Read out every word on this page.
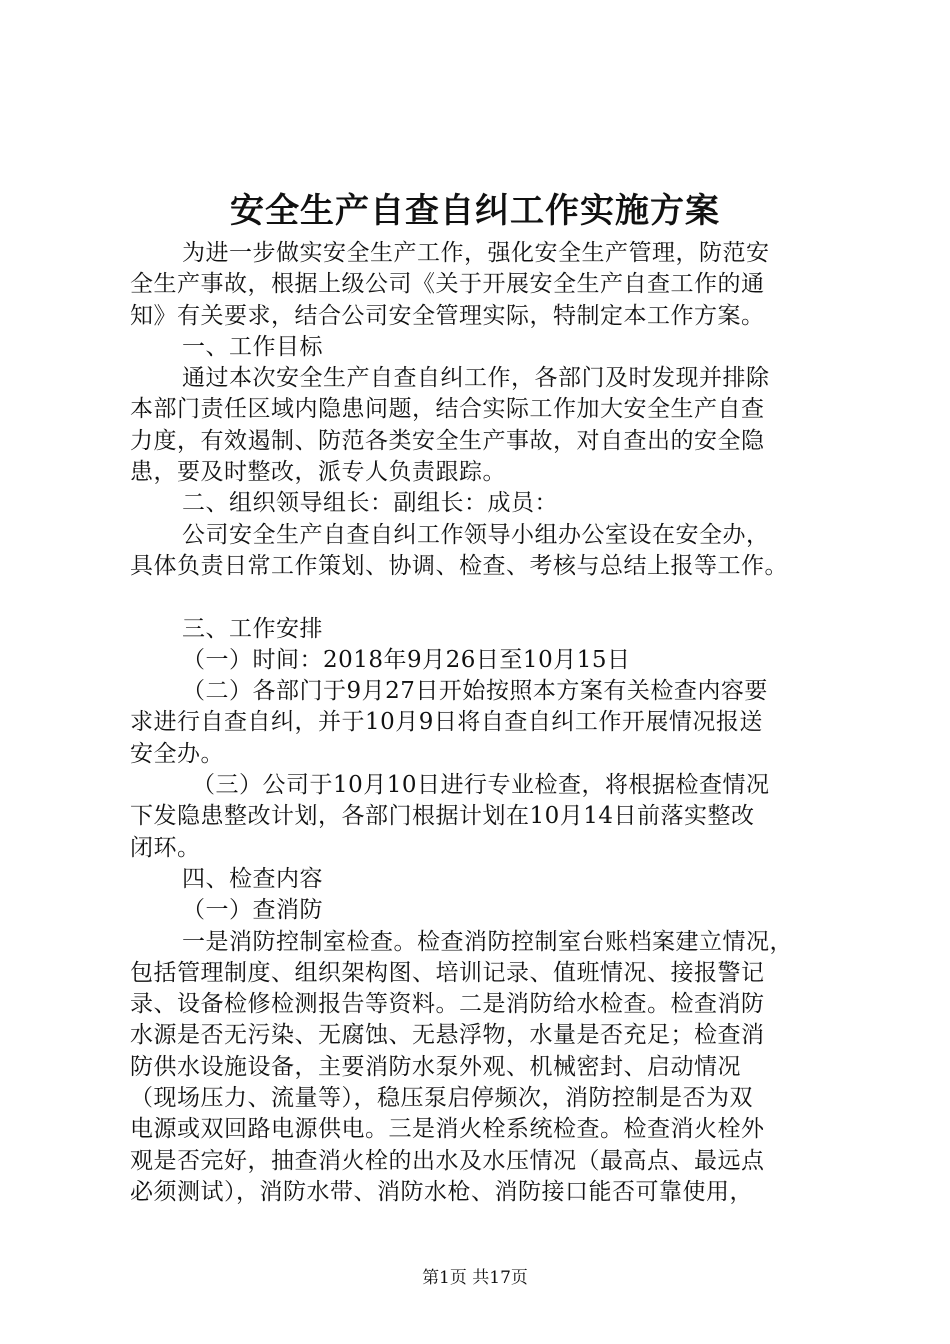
安全生产自查自纠工作实施方案

为进一步做实安全生产工作，强化安全生产管理，防范安

全生产事故，根据上级公司《关于开展安全生产自查工作的通

知》有关要求，结合公司安全管理实际，特制定本工作方案。

一、工作目标

通过本次安全生产自查自纠工作，各部门及时发现并排除

本部门责任区域内隐患问题，结合实际工作加大安全生产自查

力度，有效遏制、防范各类安全生产事故，对自查出的安全隐

患，要及时整改，派专人负责跟踪。

二、组织领导组长：副组长：成员：

公司安全生产自查自纠工作领导小组办公室设在安全办，

具体负责日常工作策划、协调、检查、考核与总结上报等工作。

三、工作安排

（一）时间：2018年9月26日至10月15日

（二）各部门于9月27日开始按照本方案有关检查内容要

求进行自查自纠，并于10月9日将自查自纠工作开展情况报送

安全办。

（三）公司于10月10日进行专业检查，将根据检查情况

下发隐患整改计划，各部门根据计划在10月14日前落实整改

闭环。

四、检查内容

（一）查消防

一是消防控制室检查。检查消防控制室台账档案建立情况，

包括管理制度、组织架构图、培训记录、值班情况、接报警记

录、设备检修检测报告等资料。二是消防给水检查。检查消防

水源是否无污染、无腐蚀、无悬浮物，水量是否充足；检查消

防供水设施设备，主要消防水泵外观、机械密封、启动情况

（现场压力、流量等），稳压泵启停频次，消防控制是否为双

电源或双回路电源供电。三是消火栓系统检查。检查消火栓外

观是否完好，抽查消火栓的出水及水压情况（最高点、最远点

必须测试），消防水带、消防水枪、消防接口能否可靠使用，

第1页 共17页
